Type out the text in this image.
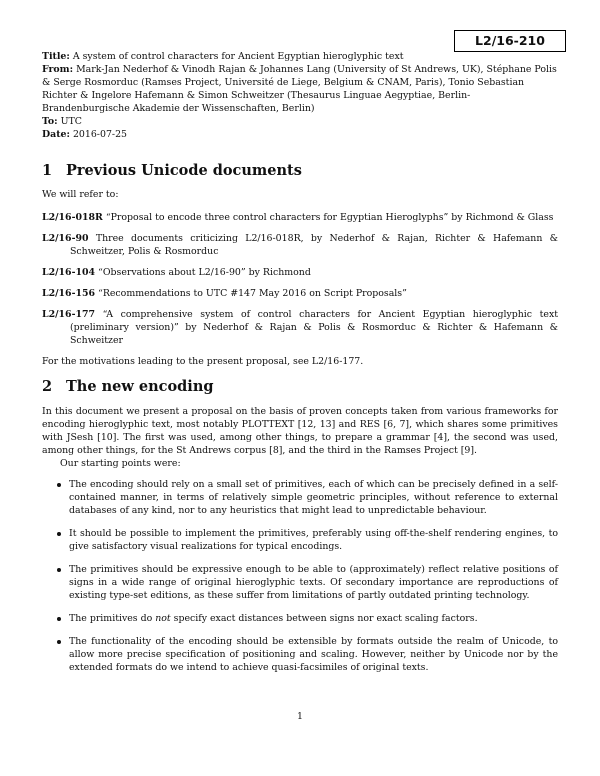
L2/16-210
Title: A system of control characters for Ancient Egyptian hieroglyphic text
From: Mark-Jan Nederhof & Vinodh Rajan & Johannes Lang (University of St Andrews, UK), Stéphane Polis & Serge Rosmorduc (Ramses Project, Université de Liege, Belgium & CNAM, Paris), Tonio Sebastian Richter & Ingelore Hafemann & Simon Schweitzer (Thesaurus Linguae Aegyptiae, Berlin-Brandenburgische Akademie der Wissenschaften, Berlin)
To: UTC
Date: 2016-07-25
1 Previous Unicode documents
We will refer to:
L2/16-018R “Proposal to encode three control characters for Egyptian Hieroglyphs” by Richmond & Glass
L2/16-90 Three documents criticizing L2/16-018R, by Nederhof & Rajan, Richter & Hafemann & Schweitzer, Polis & Rosmorduc
L2/16-104 “Observations about L2/16-90” by Richmond
L2/16-156 “Recommendations to UTC #147 May 2016 on Script Proposals”
L2/16-177 “A comprehensive system of control characters for Ancient Egyptian hieroglyphic text (preliminary version)” by Nederhof & Rajan & Polis & Rosmorduc & Richter & Hafemann & Schweitzer
For the motivations leading to the present proposal, see L2/16-177.
2 The new encoding
In this document we present a proposal on the basis of proven concepts taken from various frameworks for encoding hieroglyphic text, most notably PLOTTEXT [12, 13] and RES [6, 7], which shares some primitives with JSesh [10]. The first was used, among other things, to prepare a grammar [4], the second was used, among other things, for the St Andrews corpus [8], and the third in the Ramses Project [9].
Our starting points were:
The encoding should rely on a small set of primitives, each of which can be precisely defined in a self-contained manner, in terms of relatively simple geometric principles, without reference to external databases of any kind, nor to any heuristics that might lead to unpredictable behaviour.
It should be possible to implement the primitives, preferably using off-the-shelf rendering engines, to give satisfactory visual realizations for typical encodings.
The primitives should be expressive enough to be able to (approximately) reflect relative positions of signs in a wide range of original hieroglyphic texts. Of secondary importance are reproductions of existing type-set editions, as these suffer from limitations of partly outdated printing technology.
The primitives do not specify exact distances between signs nor exact scaling factors.
The functionality of the encoding should be extensible by formats outside the realm of Unicode, to allow more precise specification of positioning and scaling. However, neither by Unicode nor by the extended formats do we intend to achieve quasi-facsimiles of original texts.
1
